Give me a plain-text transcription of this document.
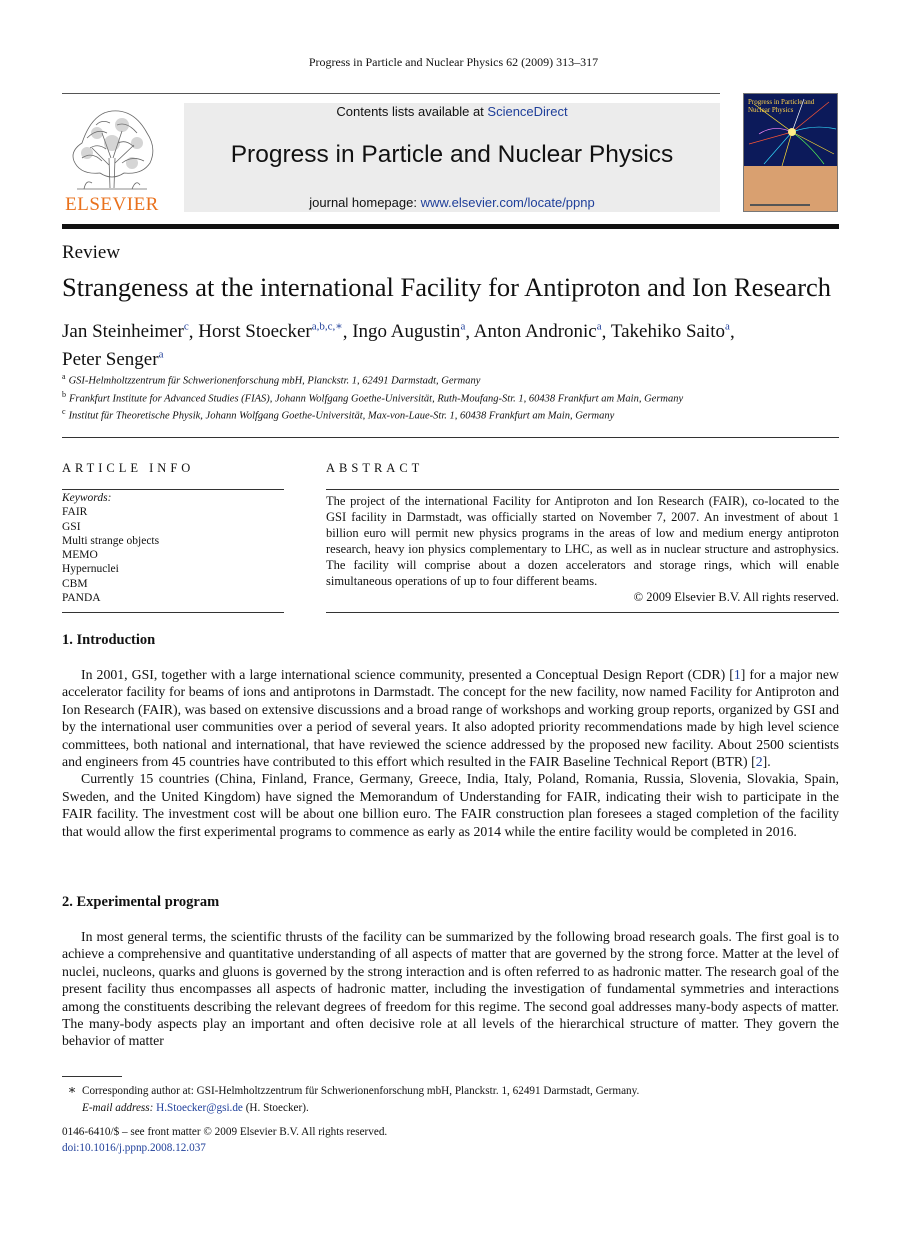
Progress in Particle and Nuclear Physics 62 (2009) 313–317
ELSEVIER
Contents lists available at ScienceDirect
Progress in Particle and Nuclear Physics
journal homepage: www.elsevier.com/locate/ppnp
Progress in Particle and Nuclear Physics
Review
Strangeness at the international Facility for Antiproton and Ion Research
Jan Steinheimer$^c$, Horst Stoecker$^{a,b,c,∗}$, Ingo Augustin$^a$, Anton Andronic$^a$, Takehiko Saito$^a$,
Peter Senger$^a$
$^a$ GSI-Helmholtzzentrum für Schwerionenforschung mbH, Planckstr. 1, 62491 Darmstadt, Germany
$^b$ Frankfurt Institute for Advanced Studies (FIAS), Johann Wolfgang Goethe-Universität, Ruth-Moufang-Str. 1, 60438 Frankfurt am Main, Germany
$^c$ Institut für Theoretische Physik, Johann Wolfgang Goethe-Universität, Max-von-Laue-Str. 1, 60438 Frankfurt am Main, Germany
ARTICLE INFO
Keywords:
FAIR
GSI
Multi strange objects
MEMO
Hypernuclei
CBM
PANDA
ABSTRACT
The project of the international Facility for Antiproton and Ion Research (FAIR), co-located to the GSI facility in Darmstadt, was officially started on November 7, 2007. An investment of about 1 billion euro will permit new physics programs in the areas of low and medium energy antiproton research, heavy ion physics complementary to LHC, as well as in nuclear structure and astrophysics. The facility will comprise about a dozen accelerators and storage rings, which will enable simultaneous operations of up to four different beams.
© 2009 Elsevier B.V. All rights reserved.
1. Introduction

In 2001, GSI, together with a large international science community, presented a Conceptual Design Report (CDR) [1] for a major new accelerator facility for beams of ions and antiprotons in Darmstadt. The concept for the new facility, now named Facility for Antiproton and Ion Research (FAIR), was based on extensive discussions and a broad range of workshops and working group reports, organized by GSI and by the international user communities over a period of several years. It also adopted priority recommendations made by high level science committees, both national and international, that have reviewed the science addressed by the proposed new facility. About 2500 scientists and engineers from 45 countries have contributed to this effort which resulted in the FAIR Baseline Technical Report (BTR) [2].

Currently 15 countries (China, Finland, France, Germany, Greece, India, Italy, Poland, Romania, Russia, Slovenia, Slovakia, Spain, Sweden, and the United Kingdom) have signed the Memorandum of Understanding for FAIR, indicating their wish to participate in the FAIR facility. The investment cost will be about one billion euro. The FAIR construction plan foresees a staged completion of the facility that would allow the first experimental programs to commence as early as 2014 while the entire facility would be completed in 2016.

2. Experimental program

In most general terms, the scientific thrusts of the facility can be summarized by the following broad research goals. The first goal is to achieve a comprehensive and quantitative understanding of all aspects of matter that are governed by the strong force. Matter at the level of nuclei, nucleons, quarks and gluons is governed by the strong interaction and is often referred to as hadronic matter. The research goal of the present facility thus encompasses all aspects of hadronic matter, including the investigation of fundamental symmetries and interactions among the constituents describing the relevant degrees of freedom for this regime. The second goal addresses many-body aspects of matter. The many-body aspects play an important and often decisive role at all levels of the hierarchical structure of matter. They govern the behavior of matter

∗ Corresponding author at: GSI-Helmholtzzentrum für Schwerionenforschung mbH, Planckstr. 1, 62491 Darmstadt, Germany.
E-mail address: H.Stoecker@gsi.de (H. Stoecker).
0146-6410/$ – see front matter © 2009 Elsevier B.V. All rights reserved.
doi:10.1016/j.ppnp.2008.12.037
